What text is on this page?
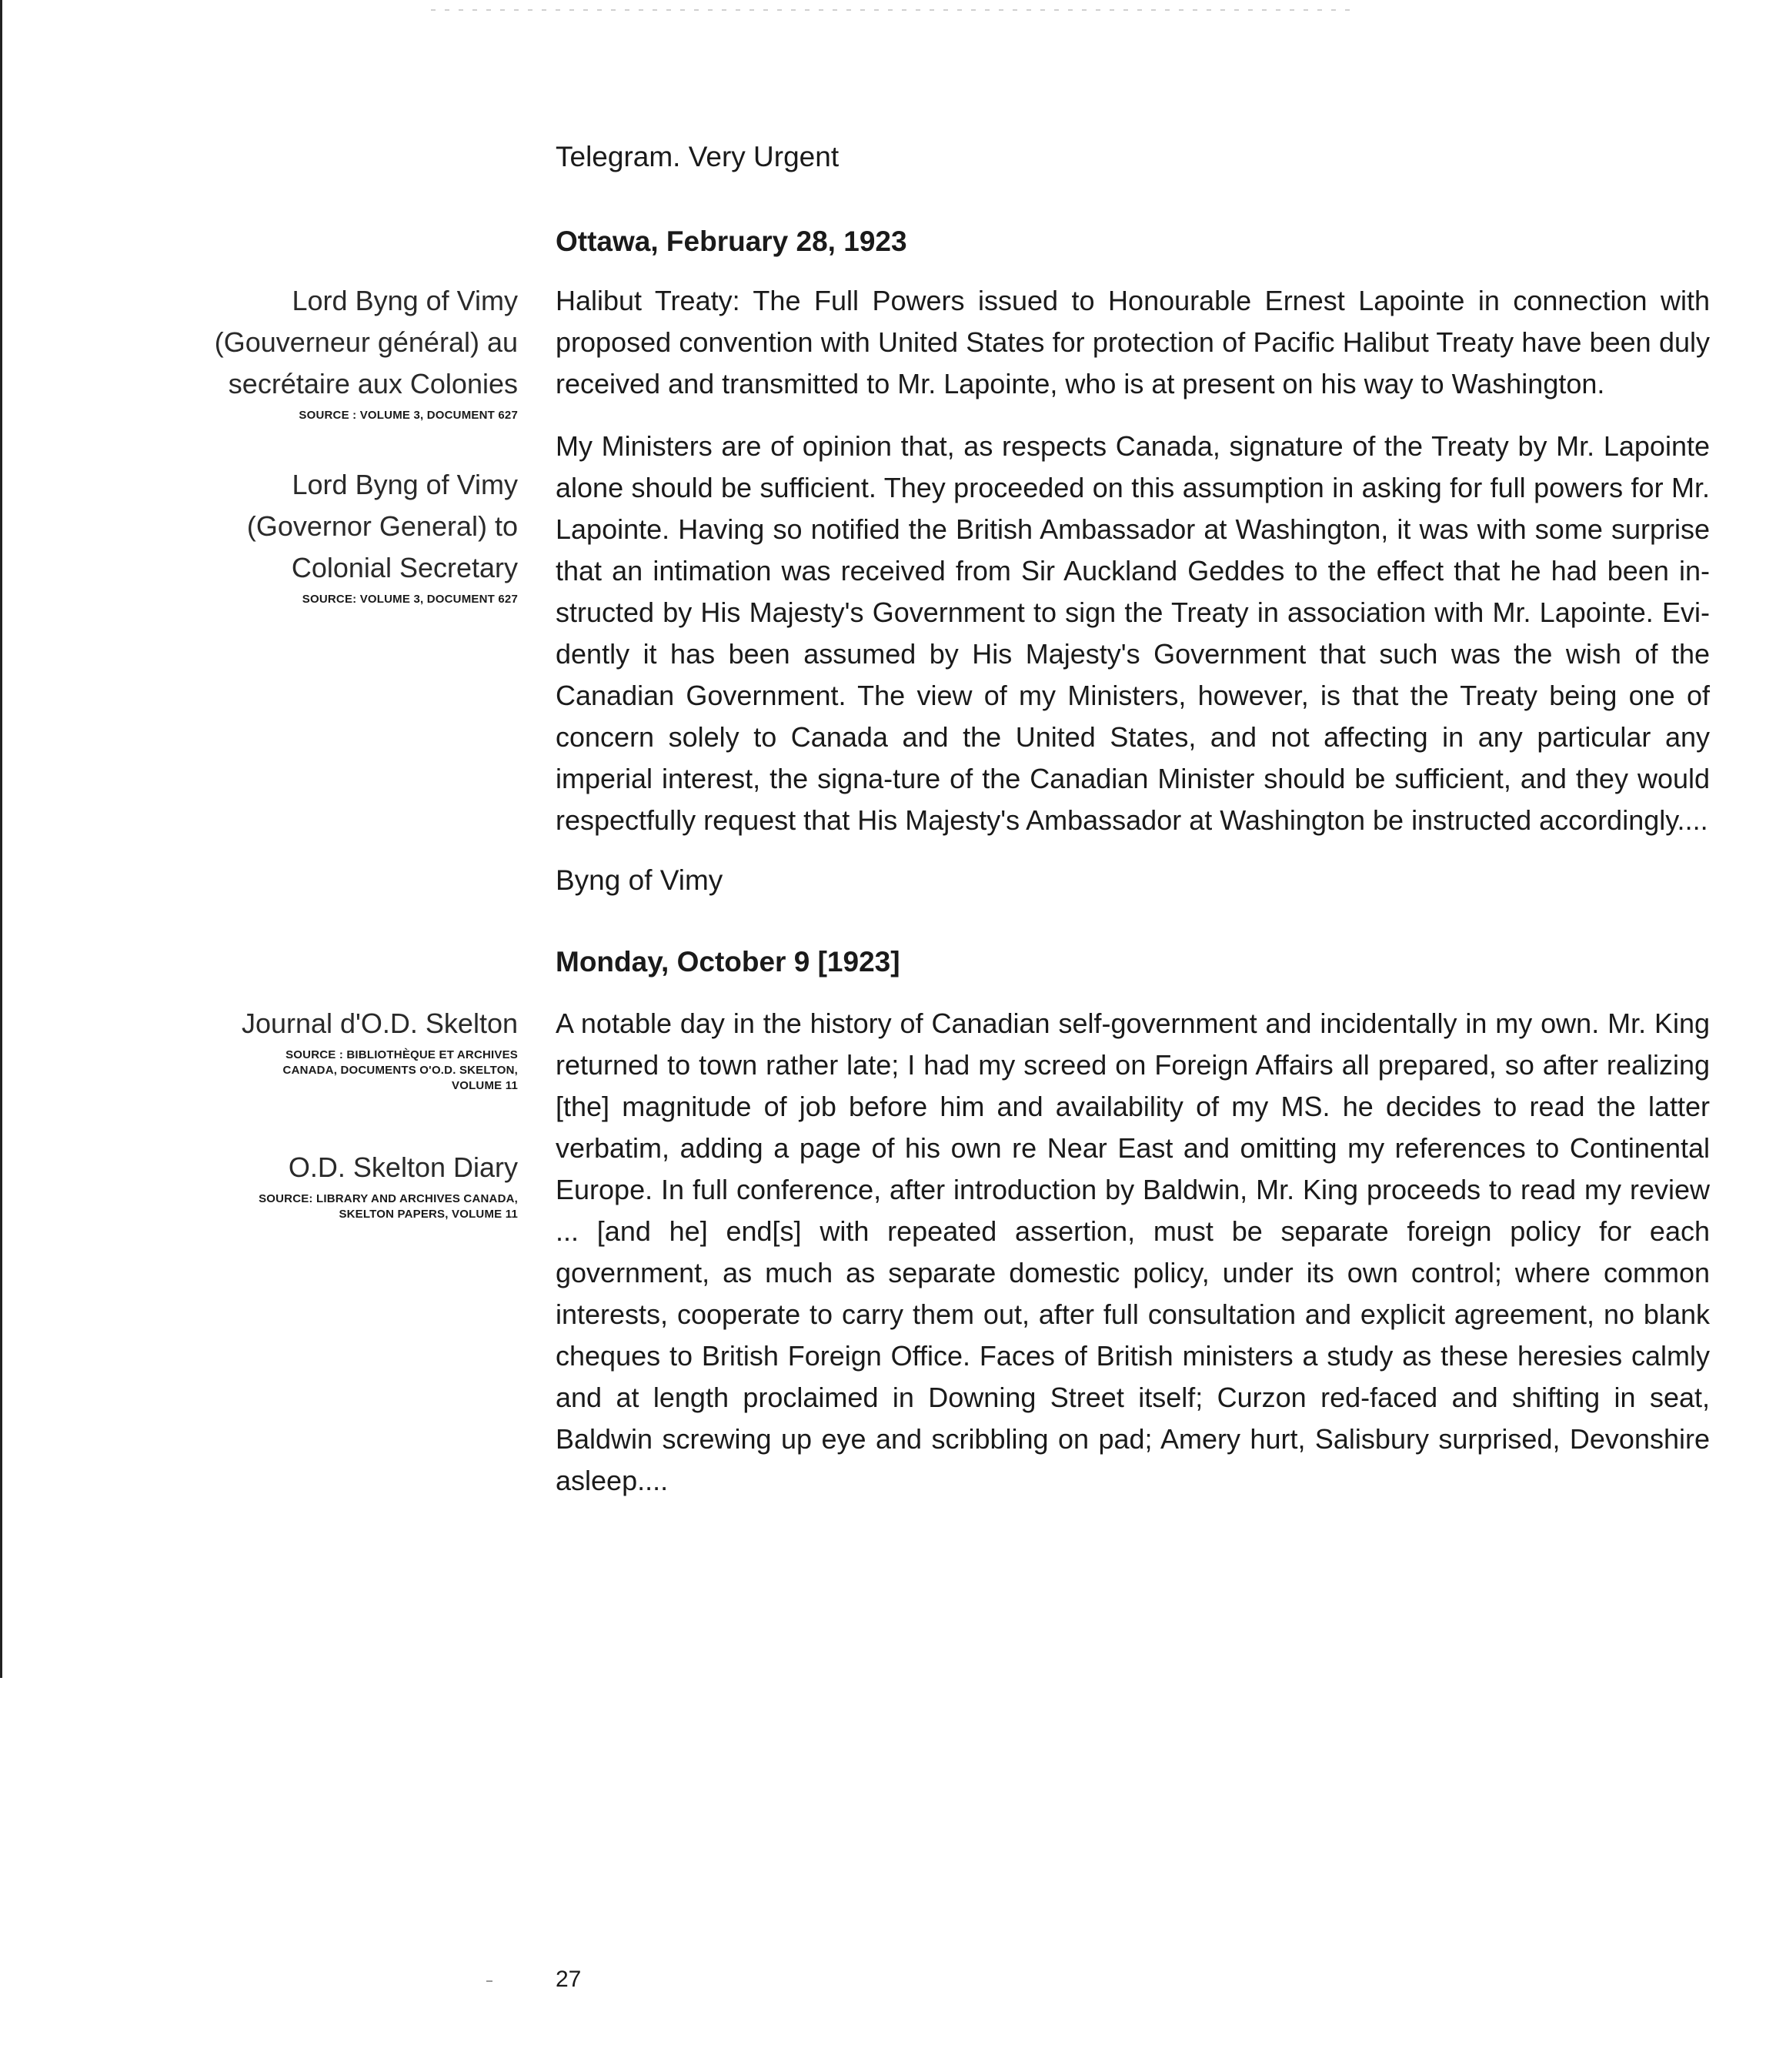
Telegram. Very Urgent
Ottawa, February 28, 1923
Lord Byng of Vimy (Gouverneur général) au secrétaire aux Colonies
SOURCE : VOLUME 3, DOCUMENT 627
Lord Byng of Vimy (Governor General) to Colonial Secretary
SOURCE: VOLUME 3, DOCUMENT 627
Halibut Treaty: The Full Powers issued to Honourable Ernest Lapointe in connection with proposed convention with United States for protection of Pacific Halibut Treaty have been duly received and transmitted to Mr. Lapointe, who is at present on his way to Washington.
My Ministers are of opinion that, as respects Canada, signature of the Treaty by Mr. Lapointe alone should be sufficient. They proceeded on this assumption in asking for full powers for Mr. Lapointe. Having so notified the British Ambassador at Washington, it was with some surprise that an intimation was received from Sir Auckland Geddes to the effect that he had been in-structed by His Majesty's Government to sign the Treaty in association with Mr. Lapointe. Evi-dently it has been assumed by His Majesty's Government that such was the wish of the Canadian Government. The view of my Ministers, however, is that the Treaty being one of concern solely to Canada and the United States, and not affecting in any particular any imperial interest, the signa-ture of the Canadian Minister should be sufficient, and they would respectfully request that His Majesty's Ambassador at Washington be instructed accordingly....
Byng of Vimy
Monday, October 9 [1923]
Journal d'O.D. Skelton
SOURCE : BIBLIOTHÈQUE ET ARCHIVES CANADA, DOCUMENTS O'O.D. SKELTON, VOLUME 11
O.D. Skelton Diary
SOURCE: LIBRARY AND ARCHIVES CANADA, SKELTON PAPERS, VOLUME 11
A notable day in the history of Canadian self-government and incidentally in my own. Mr. King returned to town rather late; I had my screed on Foreign Affairs all prepared, so after realizing [the] magnitude of job before him and availability of my MS. he decides to read the latter verbatim, adding a page of his own re Near East and omitting my references to Continental Europe. In full conference, after introduction by Baldwin, Mr. King proceeds to read my review ... [and he] end[s] with repeated assertion, must be separate foreign policy for each government, as much as separate domestic policy, under its own control; where common interests, cooperate to carry them out, after full consultation and explicit agreement, no blank cheques to British Foreign Office. Faces of British ministers a study as these heresies calmly and at length proclaimed in Downing Street itself; Curzon red-faced and shifting in seat, Baldwin screwing up eye and scribbling on pad; Amery hurt, Salisbury surprised, Devonshire asleep....
27
